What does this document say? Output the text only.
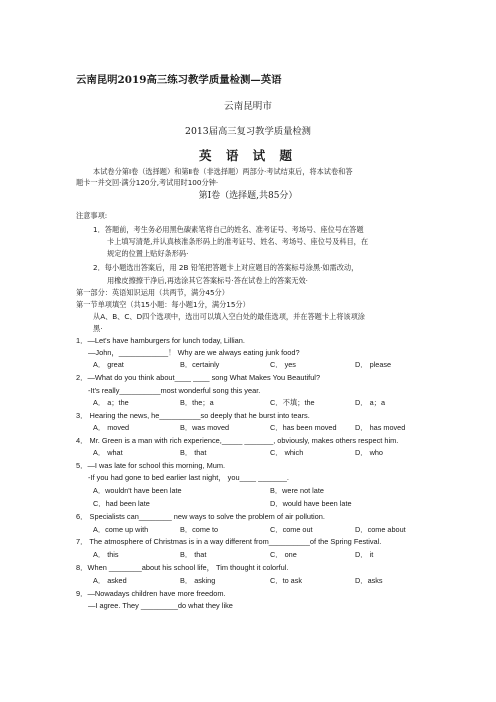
云南昆明2019高三练习教学质量检测—英语
云南昆明市
2013届高三复习教学质量检测
英 语 试 题
本试卷分第Ⅰ卷（选择题）和第Ⅱ卷（非选择题）两部分·考试结束后，将本试卷和答
题卡一并交回·满分120分,考试用时100分钟·
第Ⅰ卷（选择题,共85分）
注意事项:
1．答题前，考生务必用黑色碳素笔将自己的姓名、准考证号、考场号、座位号在答题
卡上填写清楚,并认真核准条形码上的准考证号、姓名、考场号、座位号及科目，在
规定的位置上贴好条形码·
2．每小题选出答案后，用 2B 铅笔把答题卡上对应题目的答案标号涂黑·如需改动，
用橡皮擦擦干净后,再选涂其它答案标号·答在试卷上的答案无效·
第一部分：英语知识运用（共两节，满分45分）
第一节单项填空（共15小题：每小题1分，满分15分）
从A、B、C、D四个选项中，选出可以填入空白处的最佳选项，并在答题卡上将该项涂
黑·
1．—Let's have hamburgers for lunch today, Lillian.
—John，____________！ Why are we always eating junk food?
A． great	B．certainly	C． yes	D． please
2．—What do you think about____ ____ song What Makes You Beautiful?
-It's really__________most wonderful song this year.
A． a；the	B．the；a	C．不填；the	D． a；a
3． Hearing the news, he__________so deeply that he burst into tears.
A． moved	B．was moved	C．has been moved	D． has moved
4． Mr. Green is a man with rich experience,_____ _______, obviously, makes others respect him.
A． what	B． that	C． which	D． who
5．—I was late for school this morning, Mum.
-If you had gone to bed earlier last night， you____ _______.
A．wouldn't have been late	B．were not late
C．had been late	D．would have been late
6． Specialists can________ new ways to solve the problem of air pollution.
A．come up with	B．come to	C．come out	D．come about
7． The atmosphere of Christmas is in a way different from__________of the Spring Festival.
A． this	B． that	C． one	D． it
8．When ________about his school life， Tim thought it colorful.
A． asked	B． asking	C．to ask	D．asks
9．—Nowadays children have more freedom.
—I agree. They _________do what they like
